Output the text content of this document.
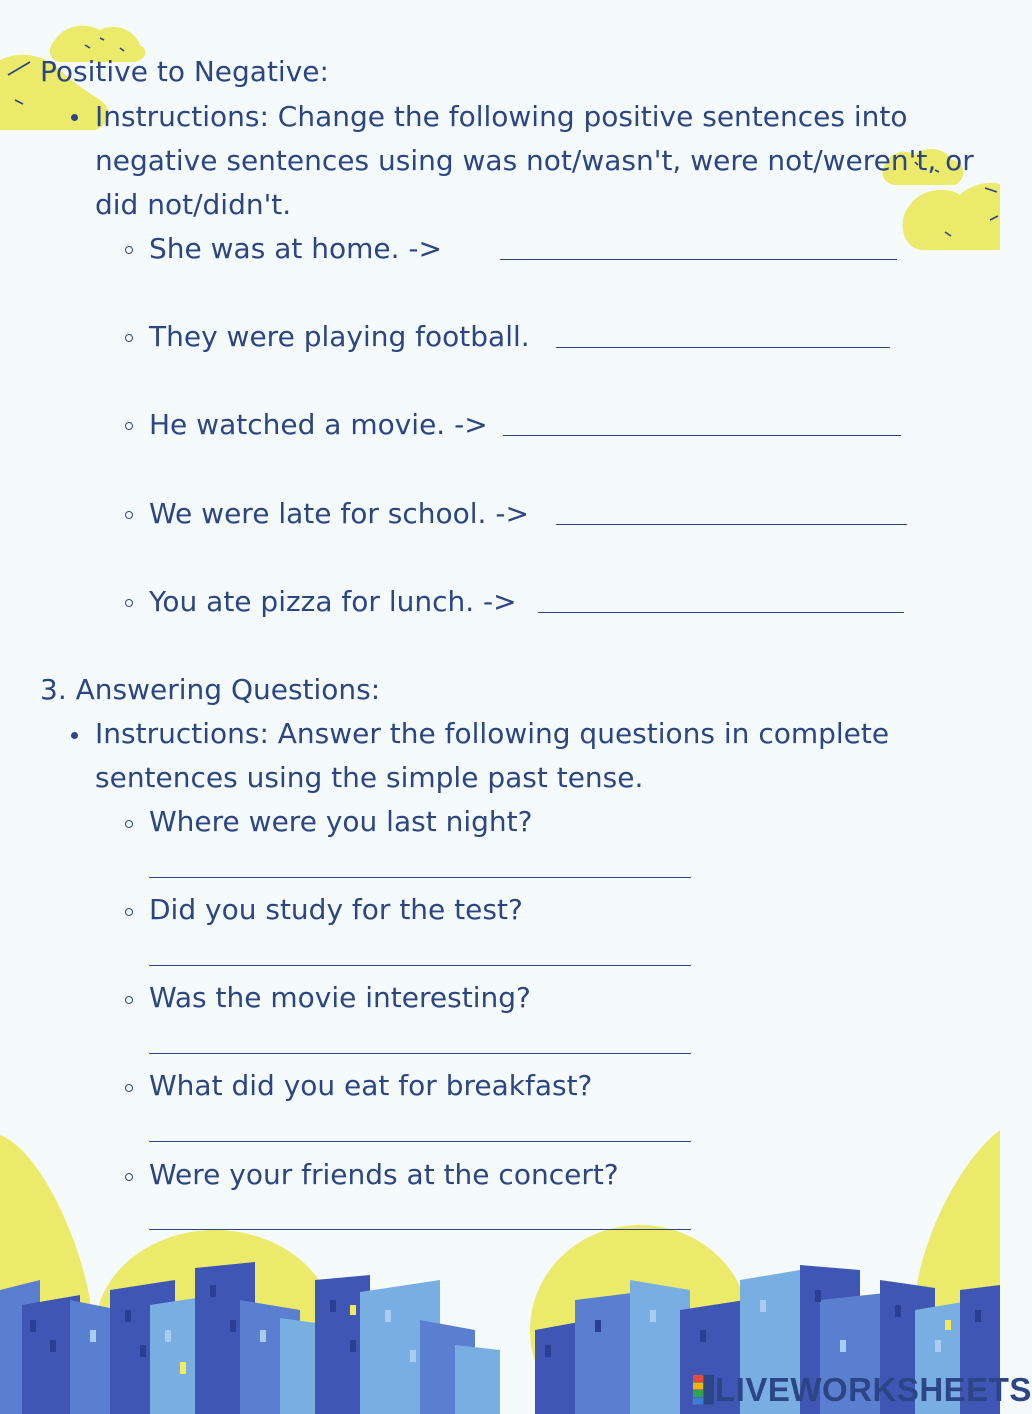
Positive to Negative:
Instructions: Change the following positive sentences into negative sentences using was not/wasn't, were not/weren't, or did not/didn't.
She was at home. ->
They were playing football.
He watched a movie. ->
We were late for school. ->
You ate pizza for lunch. ->
3. Answering Questions:
Instructions: Answer the following questions in complete sentences using the simple past tense.
Where were you last night?
Did you study for the test?
Was the movie interesting?
What did you eat for breakfast?
Were your friends at the concert?
LIVEWORKSHEETS
